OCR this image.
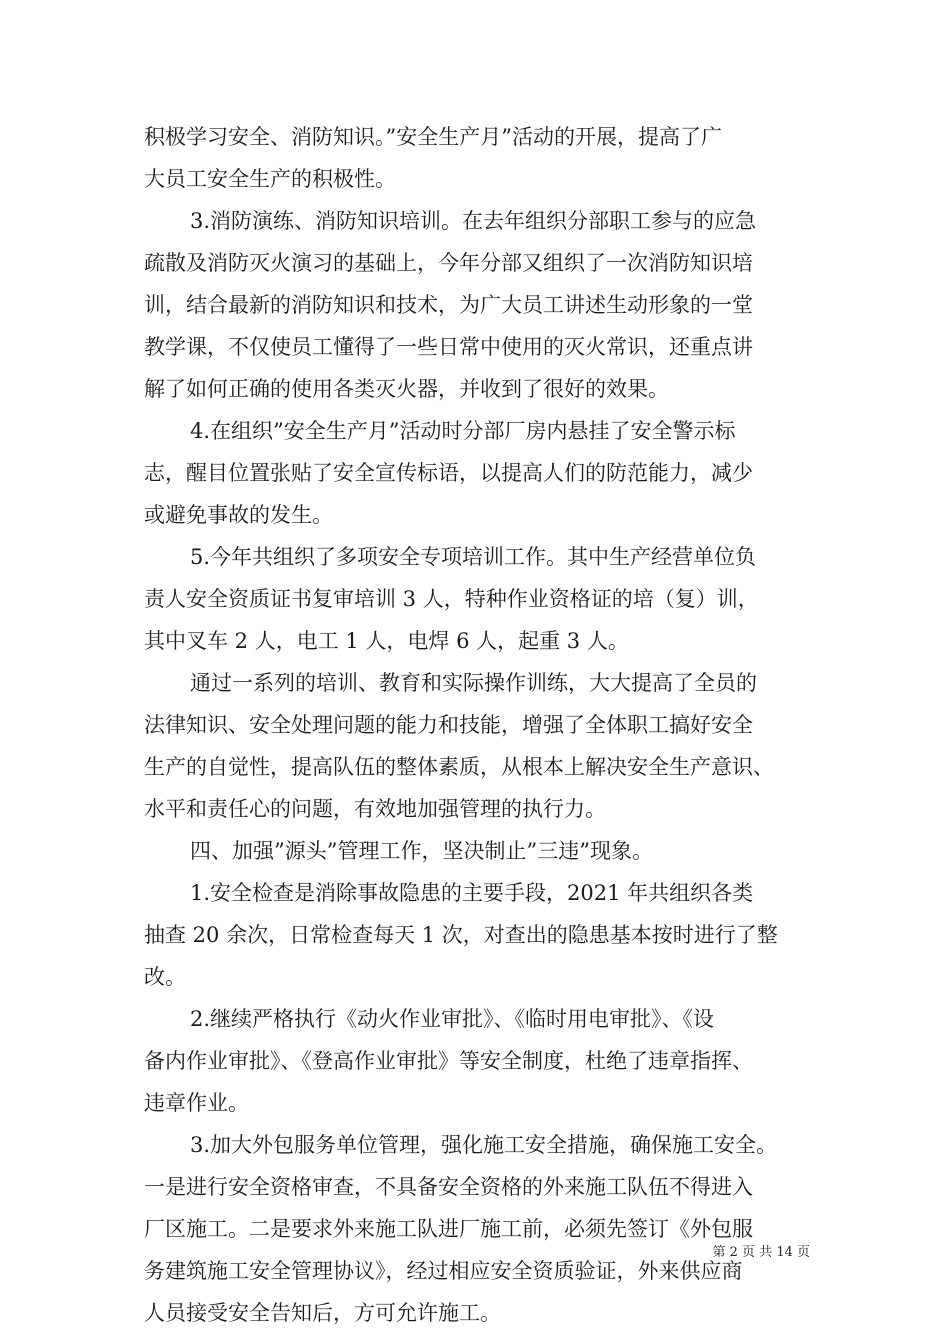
积极学习安全、消防知识。”安全生产月”活动的开展，提高了广
大员工安全生产的积极性。
3.消防演练、消防知识培训。在去年组织分部职工参与的应急
疏散及消防灭火演习的基础上，今年分部又组织了一次消防知识培
训，结合最新的消防知识和技术，为广大员工讲述生动形象的一堂
教学课，不仅使员工懂得了一些日常中使用的灭火常识，还重点讲
解了如何正确的使用各类灭火器，并收到了很好的效果。
4.在组织”安全生产月”活动时分部厂房内悬挂了安全警示标
志，醒目位置张贴了安全宣传标语，以提高人们的防范能力，减少
或避免事故的发生。
5.今年共组织了多项安全专项培训工作。其中生产经营单位负
责人安全资质证书复审培训 3 人，特种作业资格证的培（复）训，
其中叉车 2 人，电工 1 人，电焊 6 人，起重 3 人。
通过一系列的培训、教育和实际操作训练，大大提高了全员的
法律知识、安全处理问题的能力和技能，增强了全体职工搞好安全
生产的自觉性，提高队伍的整体素质，从根本上解决安全生产意识、
水平和责任心的问题，有效地加强管理的执行力。
四、加强”源头”管理工作，坚决制止”三违”现象。
1.安全检查是消除事故隐患的主要手段，2021 年共组织各类
抽查 20 余次，日常检查每天 1 次，对查出的隐患基本按时进行了整
改。
2.继续严格执行《动火作业审批》、《临时用电审批》、《设
备内作业审批》、《登高作业审批》等安全制度，杜绝了违章指挥、
违章作业。
3.加大外包服务单位管理，强化施工安全措施，确保施工安全。
一是进行安全资格审查，不具备安全资格的外来施工队伍不得进入
厂区施工。二是要求外来施工队进厂施工前，必须先签订《外包服
务建筑施工安全管理协议》，经过相应安全资质验证，外来供应商
人员接受安全告知后，方可允许施工。
第 2 页 共 14 页
